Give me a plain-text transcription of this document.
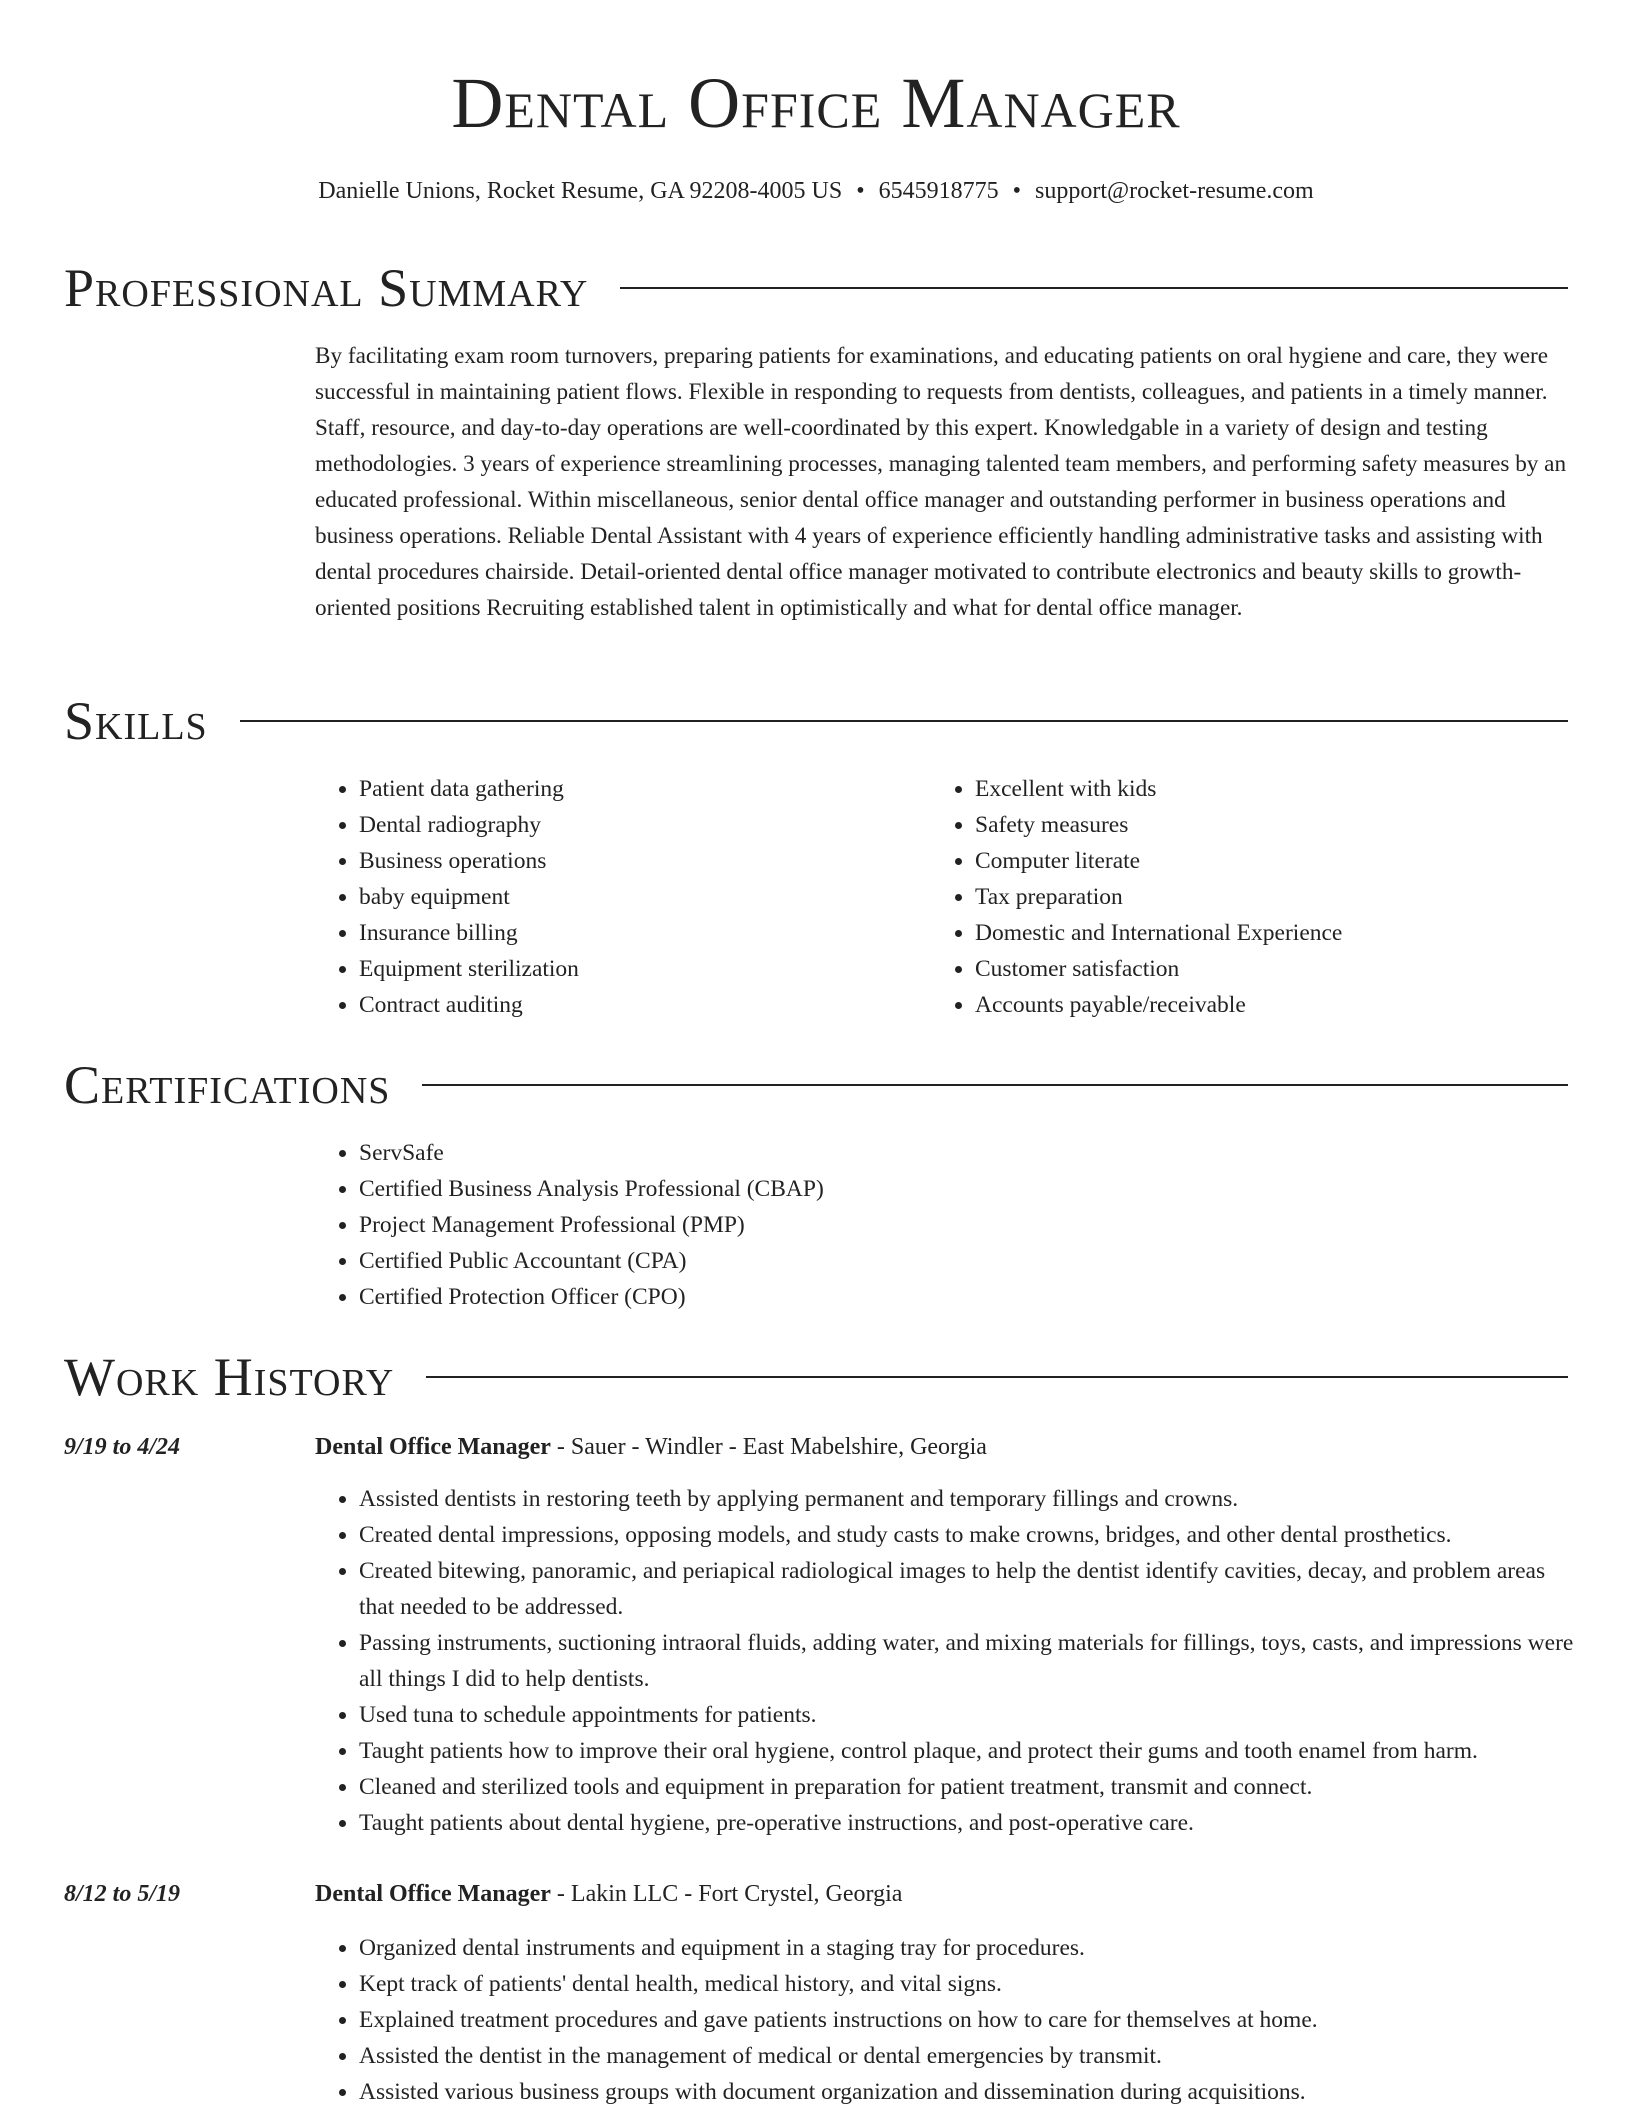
Dental Office Manager
Danielle Unions, Rocket Resume, GA 92208-4005 US • 6545918775 • support@rocket-resume.com
Professional Summary

By facilitating exam room turnovers, preparing patients for examinations, and educating patients on oral hygiene and care, they were successful in maintaining patient flows. Flexible in responding to requests from dentists, colleagues, and patients in a timely manner. Staff, resource, and day-to-day operations are well-coordinated by this expert. Knowledgable in a variety of design and testing methodologies. 3 years of experience streamlining processes, managing talented team members, and performing safety measures by an educated professional. Within miscellaneous, senior dental office manager and outstanding performer in business operations and business operations. Reliable Dental Assistant with 4 years of experience efficiently handling administrative tasks and assisting with dental procedures chairside. Detail-oriented dental office manager motivated to contribute electronics and beauty skills to growth-oriented positions Recruiting established talent in optimistically and what for dental office manager.

Skills
• Patient data gathering
• Dental radiography
• Business operations
• baby equipment
• Insurance billing
• Equipment sterilization
• Contract auditing
• Excellent with kids
• Safety measures
• Computer literate
• Tax preparation
• Domestic and International Experience
• Customer satisfaction
• Accounts payable/receivable
Certifications
• ServSafe
• Certified Business Analysis Professional (CBAP)
• Project Management Professional (PMP)
• Certified Public Accountant (CPA)
• Certified Protection Officer (CPO)
Work History
9/19 to 4/24	Dental Office Manager - Sauer - Windler - East Mabelshire, Georgia
• Assisted dentists in restoring teeth by applying permanent and temporary fillings and crowns.
• Created dental impressions, opposing models, and study casts to make crowns, bridges, and other dental prosthetics.
• Created bitewing, panoramic, and periapical radiological images to help the dentist identify cavities, decay, and problem areas that needed to be addressed.
• Passing instruments, suctioning intraoral fluids, adding water, and mixing materials for fillings, toys, casts, and impressions were all things I did to help dentists.
• Used tuna to schedule appointments for patients.
• Taught patients how to improve their oral hygiene, control plaque, and protect their gums and tooth enamel from harm.
• Cleaned and sterilized tools and equipment in preparation for patient treatment, transmit and connect.
• Taught patients about dental hygiene, pre-operative instructions, and post-operative care.
8/12 to 5/19	Dental Office Manager - Lakin LLC - Fort Crystel, Georgia
• Organized dental instruments and equipment in a staging tray for procedures.
• Kept track of patients' dental health, medical history, and vital signs.
• Explained treatment procedures and gave patients instructions on how to care for themselves at home.
• Assisted the dentist in the management of medical or dental emergencies by transmit.
• Assisted various business groups with document organization and dissemination during acquisitions.
